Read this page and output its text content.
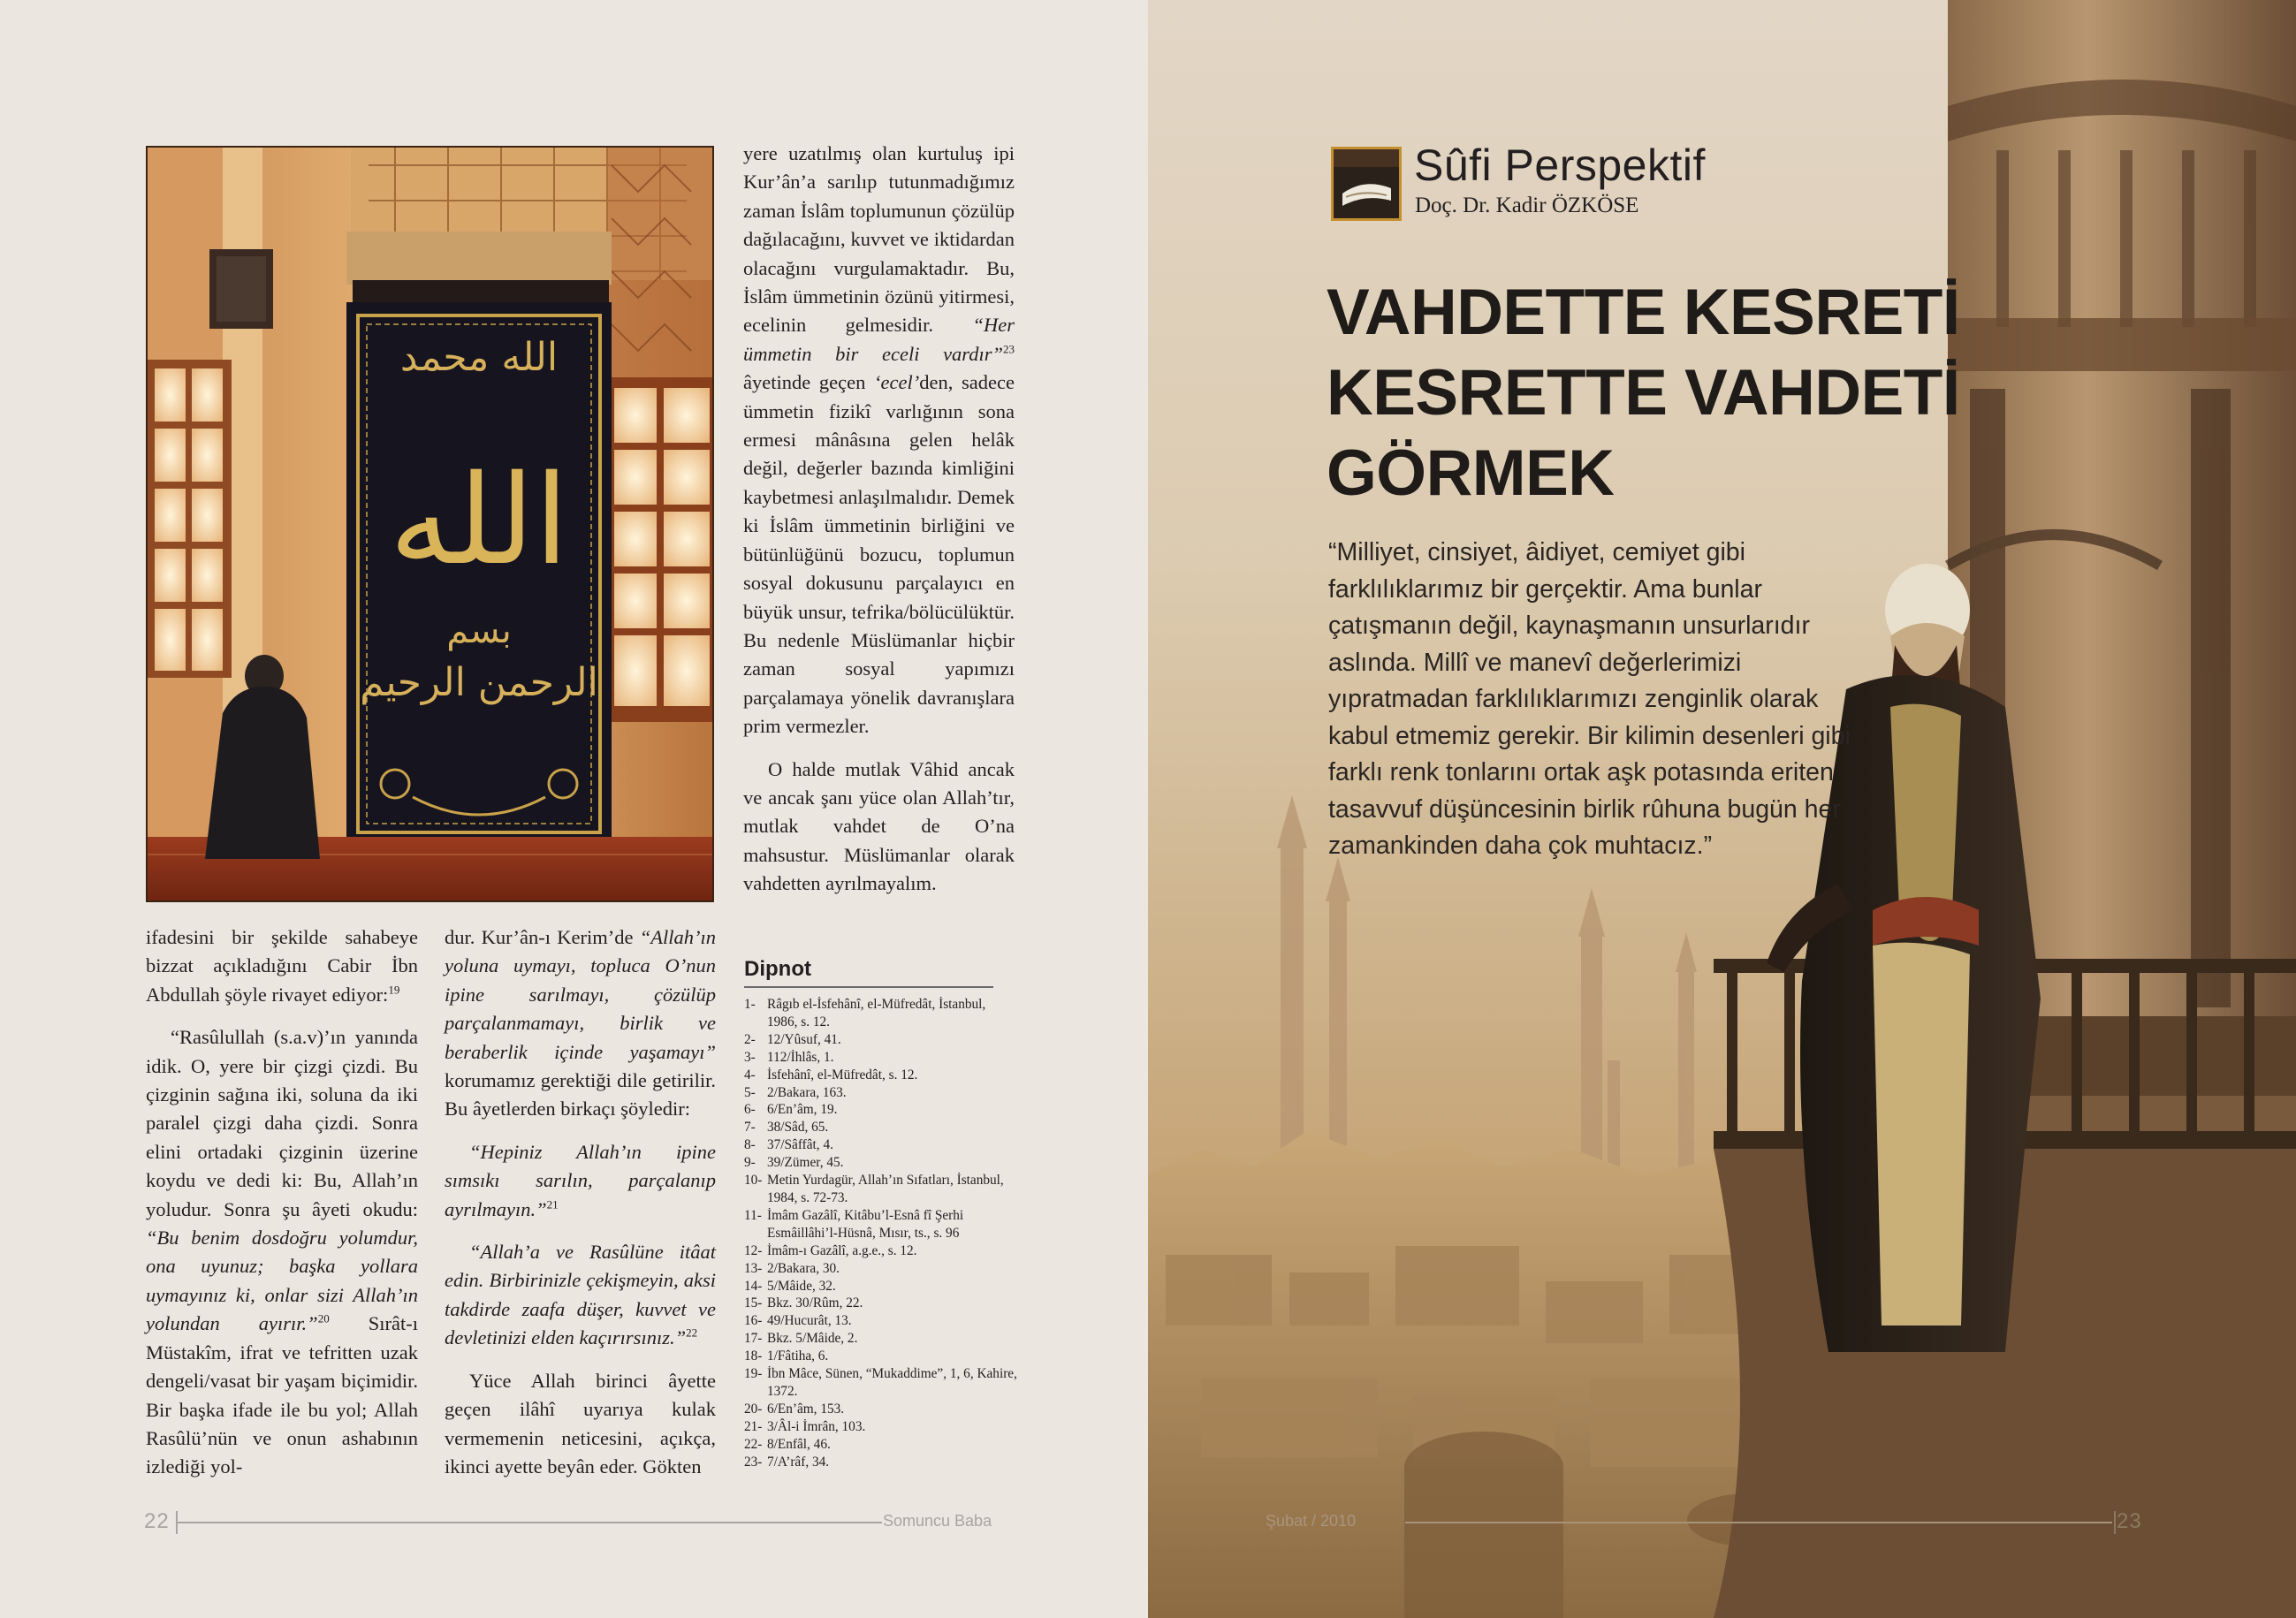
الله محمد
الله
بسم
الرحمن الرحيم

yere uzatılmış olan kurtuluş ipi Kur’ân’a sarılıp tutunmadığımız zaman İslâm toplumunun çözülüp dağılacağını, kuvvet ve iktidardan olacağını vurgulamaktadır. Bu, İslâm ümmetinin özünü yitirmesi, ecelinin gelmesidir. “Her ümmetin bir eceli vardır”$^{23}$ âyetinde geçen ‘ecel’den, sadece ümmetin fizikî varlığının sona ermesi mânâsına gelen helâk değil, değerler bazında kimliğini kaybetmesi anlaşılmalıdır. Demek ki İslâm ümmetinin birliğini ve bütünlüğünü bozucu, toplumun sosyal dokusunu parçalayıcı en büyük unsur, tefrika/bölücülüktür. Bu nedenle Müslümanlar hiçbir zaman sosyal yapımızı parçalamaya yönelik davranışlara prim vermezler.

O halde mutlak Vâhid ancak ve ancak şanı yüce olan Allah’tır, mutlak vahdet de O’na mahsustur. Müslümanlar olarak vahdetten ayrılmayalım.

ifadesini bir şekilde sahabeye bizzat açıkladığını Cabir İbn Abdullah şöyle rivayet ediyor:$^{19}$

“Rasûlullah (s.a.v)’ın yanında idik. O, yere bir çizgi çizdi. Bu çizginin sağına iki, soluna da iki paralel çizgi daha çizdi. Sonra elini ortadaki çizginin üzerine koydu ve dedi ki: Bu, Allah’ın yoludur. Sonra şu âyeti okudu: “Bu benim dosdoğru yolumdur, ona uyunuz; başka yollara uymayınız ki, onlar sizi Allah’ın yolundan ayırır.”$^{20}$ Sırât-ı Müstakîm, ifrat ve tefritten uzak dengeli/vasat bir yaşam biçimidir. Bir başka ifade ile bu yol; Allah Rasûlü’nün ve onun ashabının izlediği yol-

dur. Kur’ân-ı Kerim’de “Allah’ın yoluna uymayı, topluca O’nun ipine sarılmayı, çözülüp parçalanmamayı, birlik ve beraberlik içinde yaşamayı” korumamız gerektiği dile getirilir. Bu âyetlerden birkaçı şöyledir:

“Hepiniz Allah’ın ipine sımsıkı sarılın, parçalanıp ayrılmayın.”$^{21}$

“Allah’a ve Rasûlüne itâat edin. Birbirinizle çekişmeyin, aksi takdirde zaafa düşer, kuvvet ve devletinizi elden kaçırırsınız.”$^{22}$

Yüce Allah birinci âyette geçen ilâhî uyarıya kulak vermemenin neticesini, açıkça, ikinci ayette beyân eder. Gökten

Dipnot
1- Râgıb el-İsfehânî, el-Müfredât, İstanbul, 1986, s. 12.
2- 12/Yûsuf, 41.
3- 112/İhlâs, 1.
4- İsfehânî, el-Müfredât, s. 12.
5- 2/Bakara, 163.
6- 6/En’âm, 19.
7- 38/Sâd, 65.
8- 37/Sâffât, 4.
9- 39/Zümer, 45.
10- Metin Yurdagür, Allah’ın Sıfatları, İstanbul, 1984, s. 72-73.
11- İmâm Gazâlî, Kitâbu’l-Esnâ fî Şerhi Esmâillâhi’l-Hüsnâ, Mısır, ts., s. 96
12- İmâm-ı Gazâlî, a.g.e., s. 12.
13- 2/Bakara, 30.
14- 5/Mâide, 32.
15- Bkz. 30/Rûm, 22.
16- 49/Hucurât, 13.
17- Bkz. 5/Mâide, 2.
18- 1/Fâtiha, 6.
19- İbn Mâce, Sünen, “Mukaddime”, 1, 6, Kahire, 1372.
20- 6/En’âm, 153.
21- 3/Âl-i İmrân, 103.
22- 8/Enfâl, 46.
23- 7/A’râf, 34.
22	Somuncu Baba	Şubat / 2010
Sûfi Perspektif
Doç. Dr. Kadir ÖZKÖSE
VAHDETTE KESRETİ
KESRETTE VAHDETİ
GÖRMEK
“Milliyet, cinsiyet, âidiyet, cemiyet gibi farklılıklarımız bir gerçektir. Ama bunlar çatışmanın değil, kaynaşmanın unsurlarıdır aslında. Millî ve manevî değerlerimizi yıpratmadan farklılıklarımızı zenginlik olarak kabul etmemiz gerekir. Bir kilimin desenleri gibi farklı renk tonlarını ortak aşk potasında eriten tasavvuf düşüncesinin birlik rûhuna bugün her zamankinden daha çok muhtacız.”
23
